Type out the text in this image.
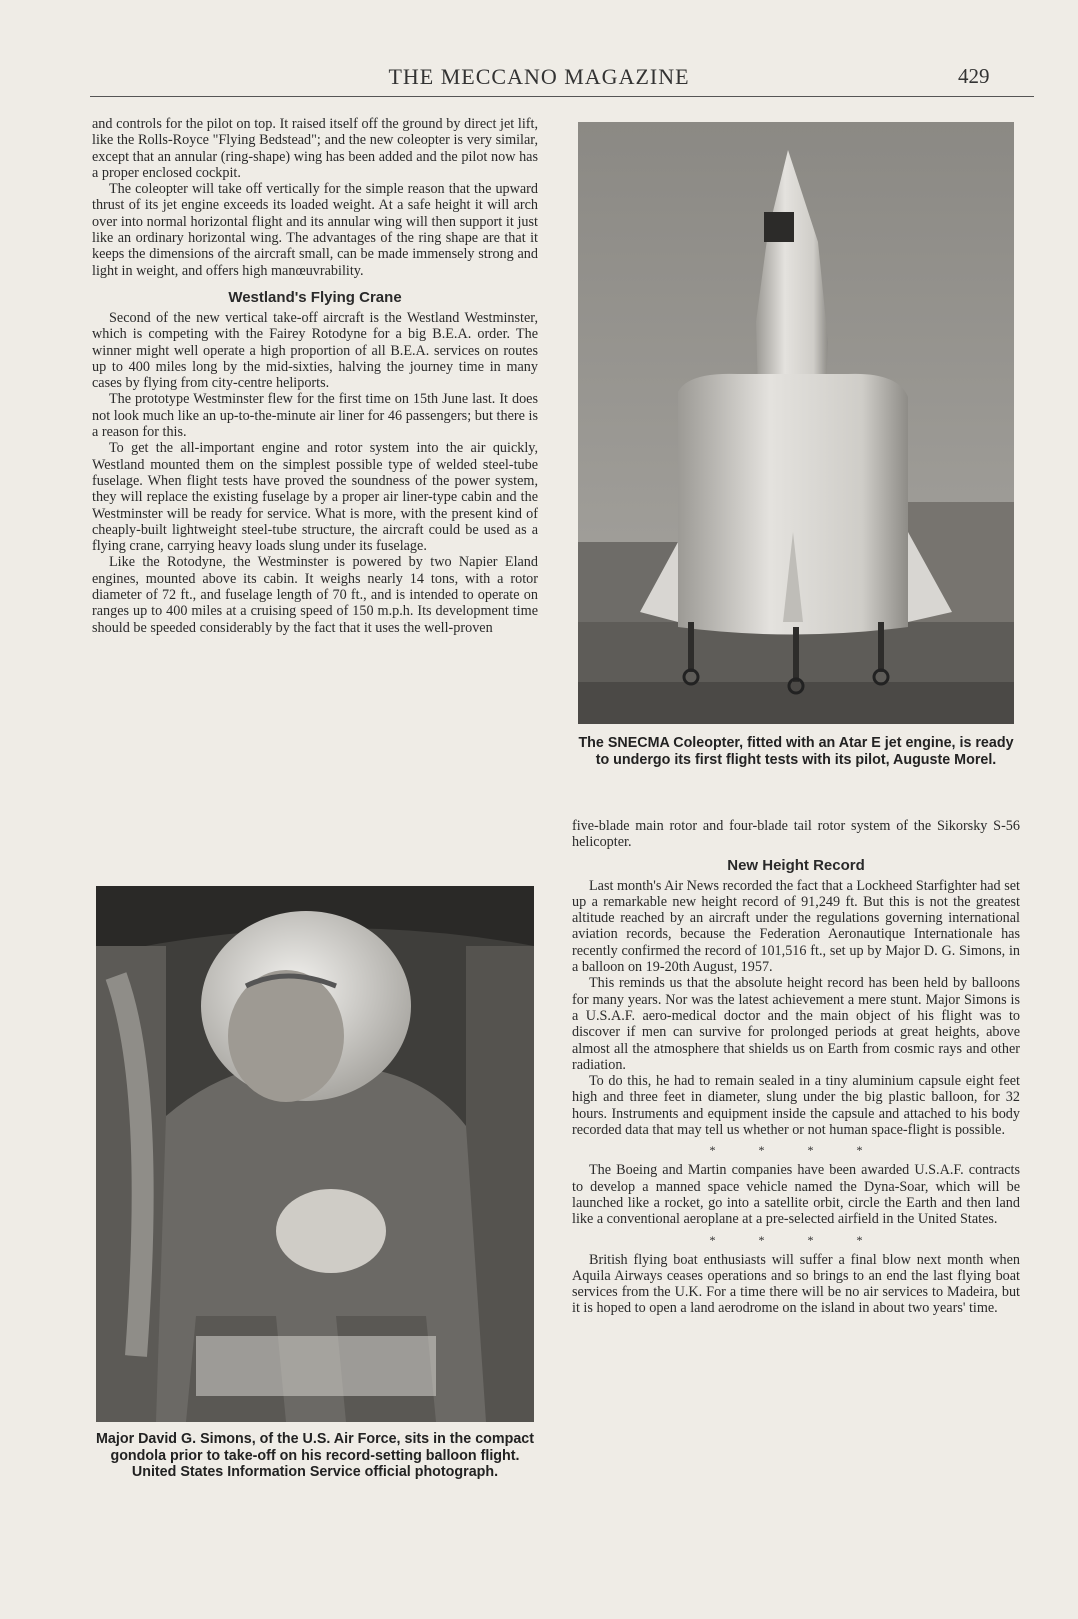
THE MECCANO MAGAZINE	429

and controls for the pilot on top. It raised itself off the ground by direct jet lift, like the Rolls-Royce "Flying Bedstead"; and the new coleopter is very similar, except that an annular (ring-shape) wing has been added and the pilot now has a proper enclosed cockpit.

The coleopter will take off vertically for the simple reason that the upward thrust of its jet engine exceeds its loaded weight. At a safe height it will arch over into normal horizontal flight and its annular wing will then support it just like an ordinary horizontal wing. The advantages of the ring shape are that it keeps the dimensions of the aircraft small, can be made immensely strong and light in weight, and offers high manœuvrability.

Westland's Flying Crane

Second of the new vertical take-off aircraft is the Westland Westminster, which is competing with the Fairey Rotodyne for a big B.E.A. order. The winner might well operate a high proportion of all B.E.A. services on routes up to 400 miles long by the mid-sixties, halving the journey time in many cases by flying from city-centre heliports.

The prototype Westminster flew for the first time on 15th June last. It does not look much like an up-to-the-minute air liner for 46 passengers; but there is a reason for this.

To get the all-important engine and rotor system into the air quickly, Westland mounted them on the simplest possible type of welded steel-tube fuselage. When flight tests have proved the soundness of the power system, they will replace the existing fuselage by a proper air liner-type cabin and the Westminster will be ready for service. What is more, with the present kind of cheaply-built lightweight steel-tube structure, the aircraft could be used as a flying crane, carrying heavy loads slung under its fuselage.

Like the Rotodyne, the Westminster is powered by two Napier Eland engines, mounted above its cabin. It weighs nearly 14 tons, with a rotor diameter of 72 ft., and fuselage length of 70 ft., and is intended to operate on ranges up to 400 miles at a cruising speed of 150 m.p.h. Its development time should be speeded considerably by the fact that it uses the well-proven

The SNECMA Coleopter, fitted with an Atar E jet engine, is ready to undergo its first flight tests with its pilot, Auguste Morel.

five-blade main rotor and four-blade tail rotor system of the Sikorsky S-56 helicopter.

New Height Record

Last month's Air News recorded the fact that a Lockheed Starfighter had set up a remarkable new height record of 91,249 ft. But this is not the greatest altitude reached by an aircraft under the regulations governing international aviation records, because the Federation Aeronautique Internationale has recently confirmed the record of 101,516 ft., set up by Major D. G. Simons, in a balloon on 19-20th August, 1957.

This reminds us that the absolute height record has been held by balloons for many years. Nor was the latest achievement a mere stunt. Major Simons is a U.S.A.F. aero-medical doctor and the main object of his flight was to discover if men can survive for prolonged periods at great heights, above almost all the atmosphere that shields us on Earth from cosmic rays and other radiation.

To do this, he had to remain sealed in a tiny aluminium capsule eight feet high and three feet in diameter, slung under the big plastic balloon, for 32 hours. Instruments and equipment inside the capsule and attached to his body recorded data that may tell us whether or not human space-flight is possible.

* * * *

The Boeing and Martin companies have been awarded U.S.A.F. contracts to develop a manned space vehicle named the Dyna-Soar, which will be launched like a rocket, go into a satellite orbit, circle the Earth and then land like a conventional aeroplane at a pre-selected airfield in the United States.

* * * *

British flying boat enthusiasts will suffer a final blow next month when Aquila Airways ceases operations and so brings to an end the last flying boat services from the U.K. For a time there will be no air services to Madeira, but it is hoped to open a land aerodrome on the island in about two years' time.

Major David G. Simons, of the U.S. Air Force, sits in the compact gondola prior to take-off on his record-setting balloon flight. United States Information Service official photograph.
